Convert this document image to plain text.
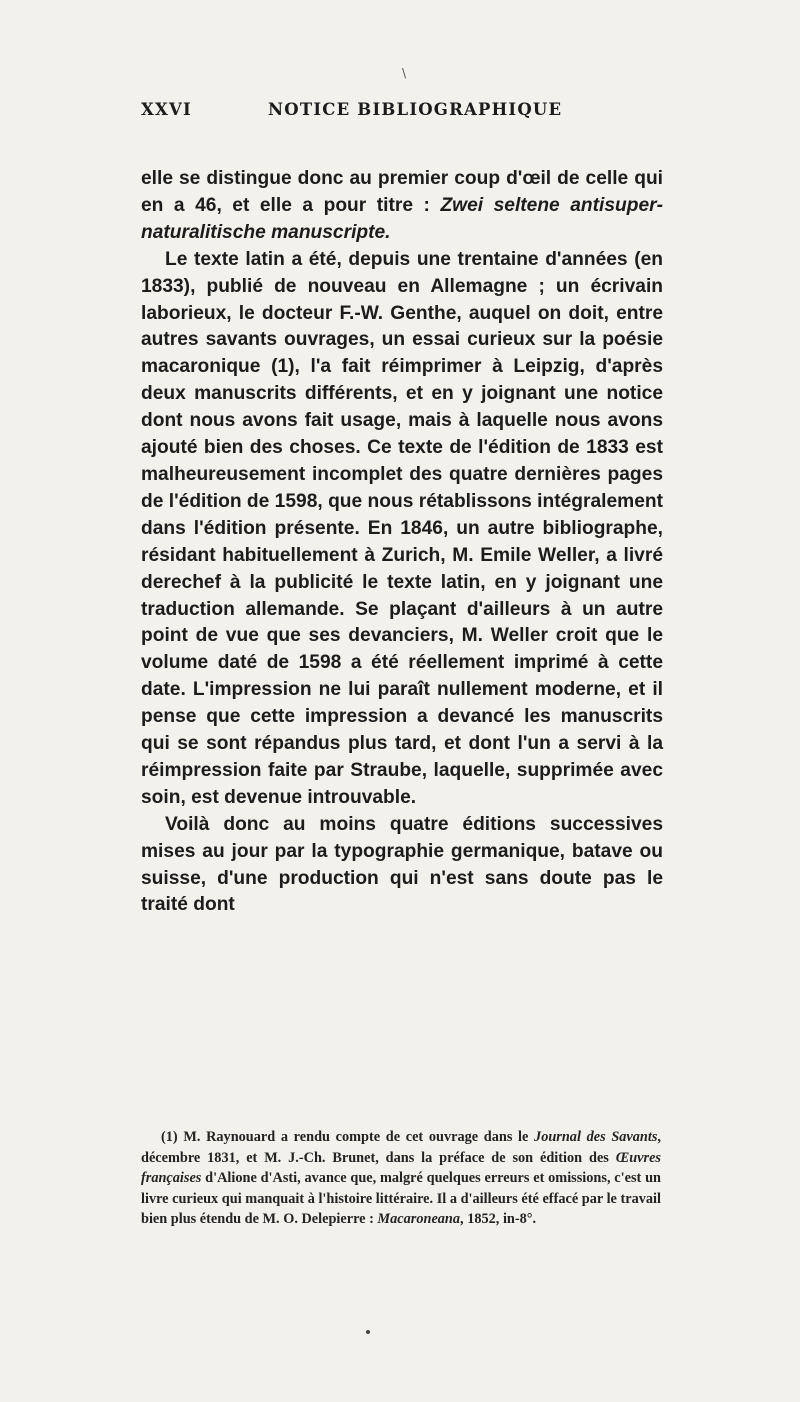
\
XXVI	NOTICE BIBLIOGRAPHIQUE

elle se distingue donc au premier coup d'œil de celle qui en a 46, et elle a pour titre : Zwei seltene antisuper-naturalitische manuscripte.

Le texte latin a été, depuis une trentaine d'années (en 1833), publié de nouveau en Allemagne ; un écrivain laborieux, le docteur F.-W. Genthe, auquel on doit, entre autres savants ouvrages, un essai curieux sur la poésie macaronique (1), l'a fait réimprimer à Leipzig, d'après deux manuscrits différents, et en y joignant une notice dont nous avons fait usage, mais à laquelle nous avons ajouté bien des choses. Ce texte de l'édition de 1833 est malheureusement incomplet des quatre dernières pages de l'édition de 1598, que nous rétablissons intégralement dans l'édition présente. En 1846, un autre bibliographe, résidant habituellement à Zurich, M. Emile Weller, a livré derechef à la publicité le texte latin, en y joignant une traduction allemande. Se plaçant d'ailleurs à un autre point de vue que ses devanciers, M. Weller croit que le volume daté de 1598 a été réellement imprimé à cette date. L'impression ne lui paraît nullement moderne, et il pense que cette impression a devancé les manuscrits qui se sont répandus plus tard, et dont l'un a servi à la réimpression faite par Straube, laquelle, supprimée avec soin, est devenue introuvable.

Voilà donc au moins quatre éditions successives mises au jour par la typographie germanique, batave ou suisse, d'une production qui n'est sans doute pas le traité dont

(1) M. Raynouard a rendu compte de cet ouvrage dans le Journal des Savants, décembre 1831, et M. J.-Ch. Brunet, dans la préface de son édition des Œuvres françaises d'Alione d'Asti, avance que, malgré quelques erreurs et omissions, c'est un livre curieux qui manquait à l'histoire littéraire. Il a d'ailleurs été effacé par le travail bien plus étendu de M. O. Delepierre : Macaroneana, 1852, in-8°.
